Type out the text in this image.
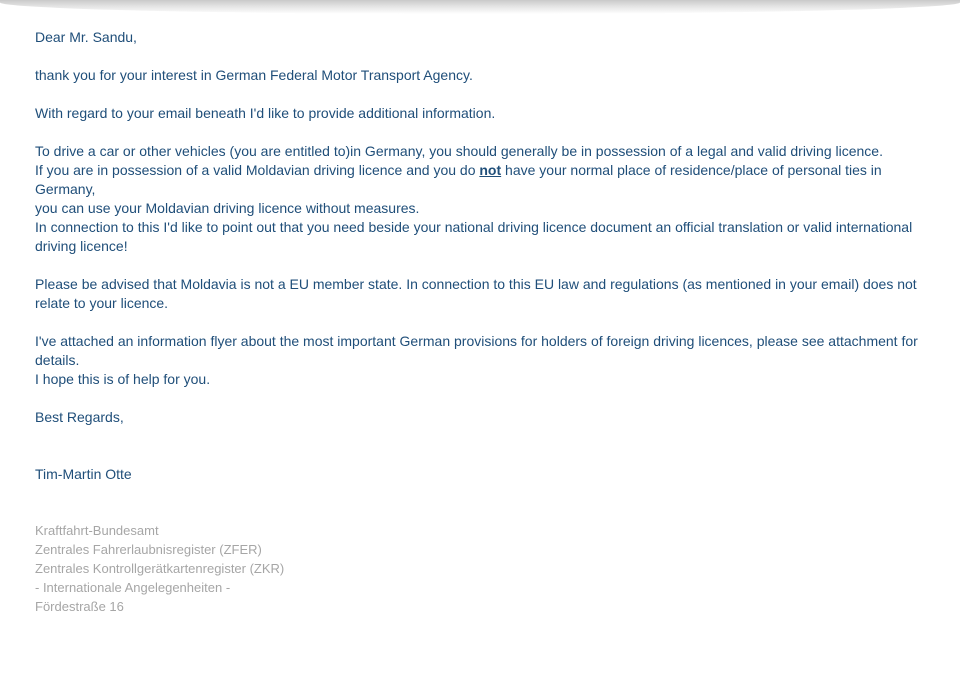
Dear Mr. Sandu,

thank you for your interest in German Federal Motor Transport Agency.

With regard to your email beneath I'd like to provide additional information.

To drive a car or other vehicles (you are entitled to)in Germany, you should generally be in possession of a legal and valid driving licence.
If you are in possession of a valid Moldavian driving licence and you do not have your normal place of residence/place of personal ties in Germany,
you can use your Moldavian driving licence without measures.
In connection to this I'd like to point out that you need beside your national driving licence document an official translation or valid international driving licence!

Please be advised that Moldavia is not a EU member state. In connection to this EU law and regulations (as mentioned in your email) does not relate to your licence.

I've attached an information flyer about the most important German provisions for holders of foreign driving licences, please see attachment for details.
I hope this is of help for you.

Best Regards,

Tim-Martin Otte

Kraftfahrt-Bundesamt
Zentrales Fahrerlaubnisregister (ZFER)
Zentrales Kontrollgerätkartenregister (ZKR)
- Internationale Angelegenheiten -
Fördestraße 16
